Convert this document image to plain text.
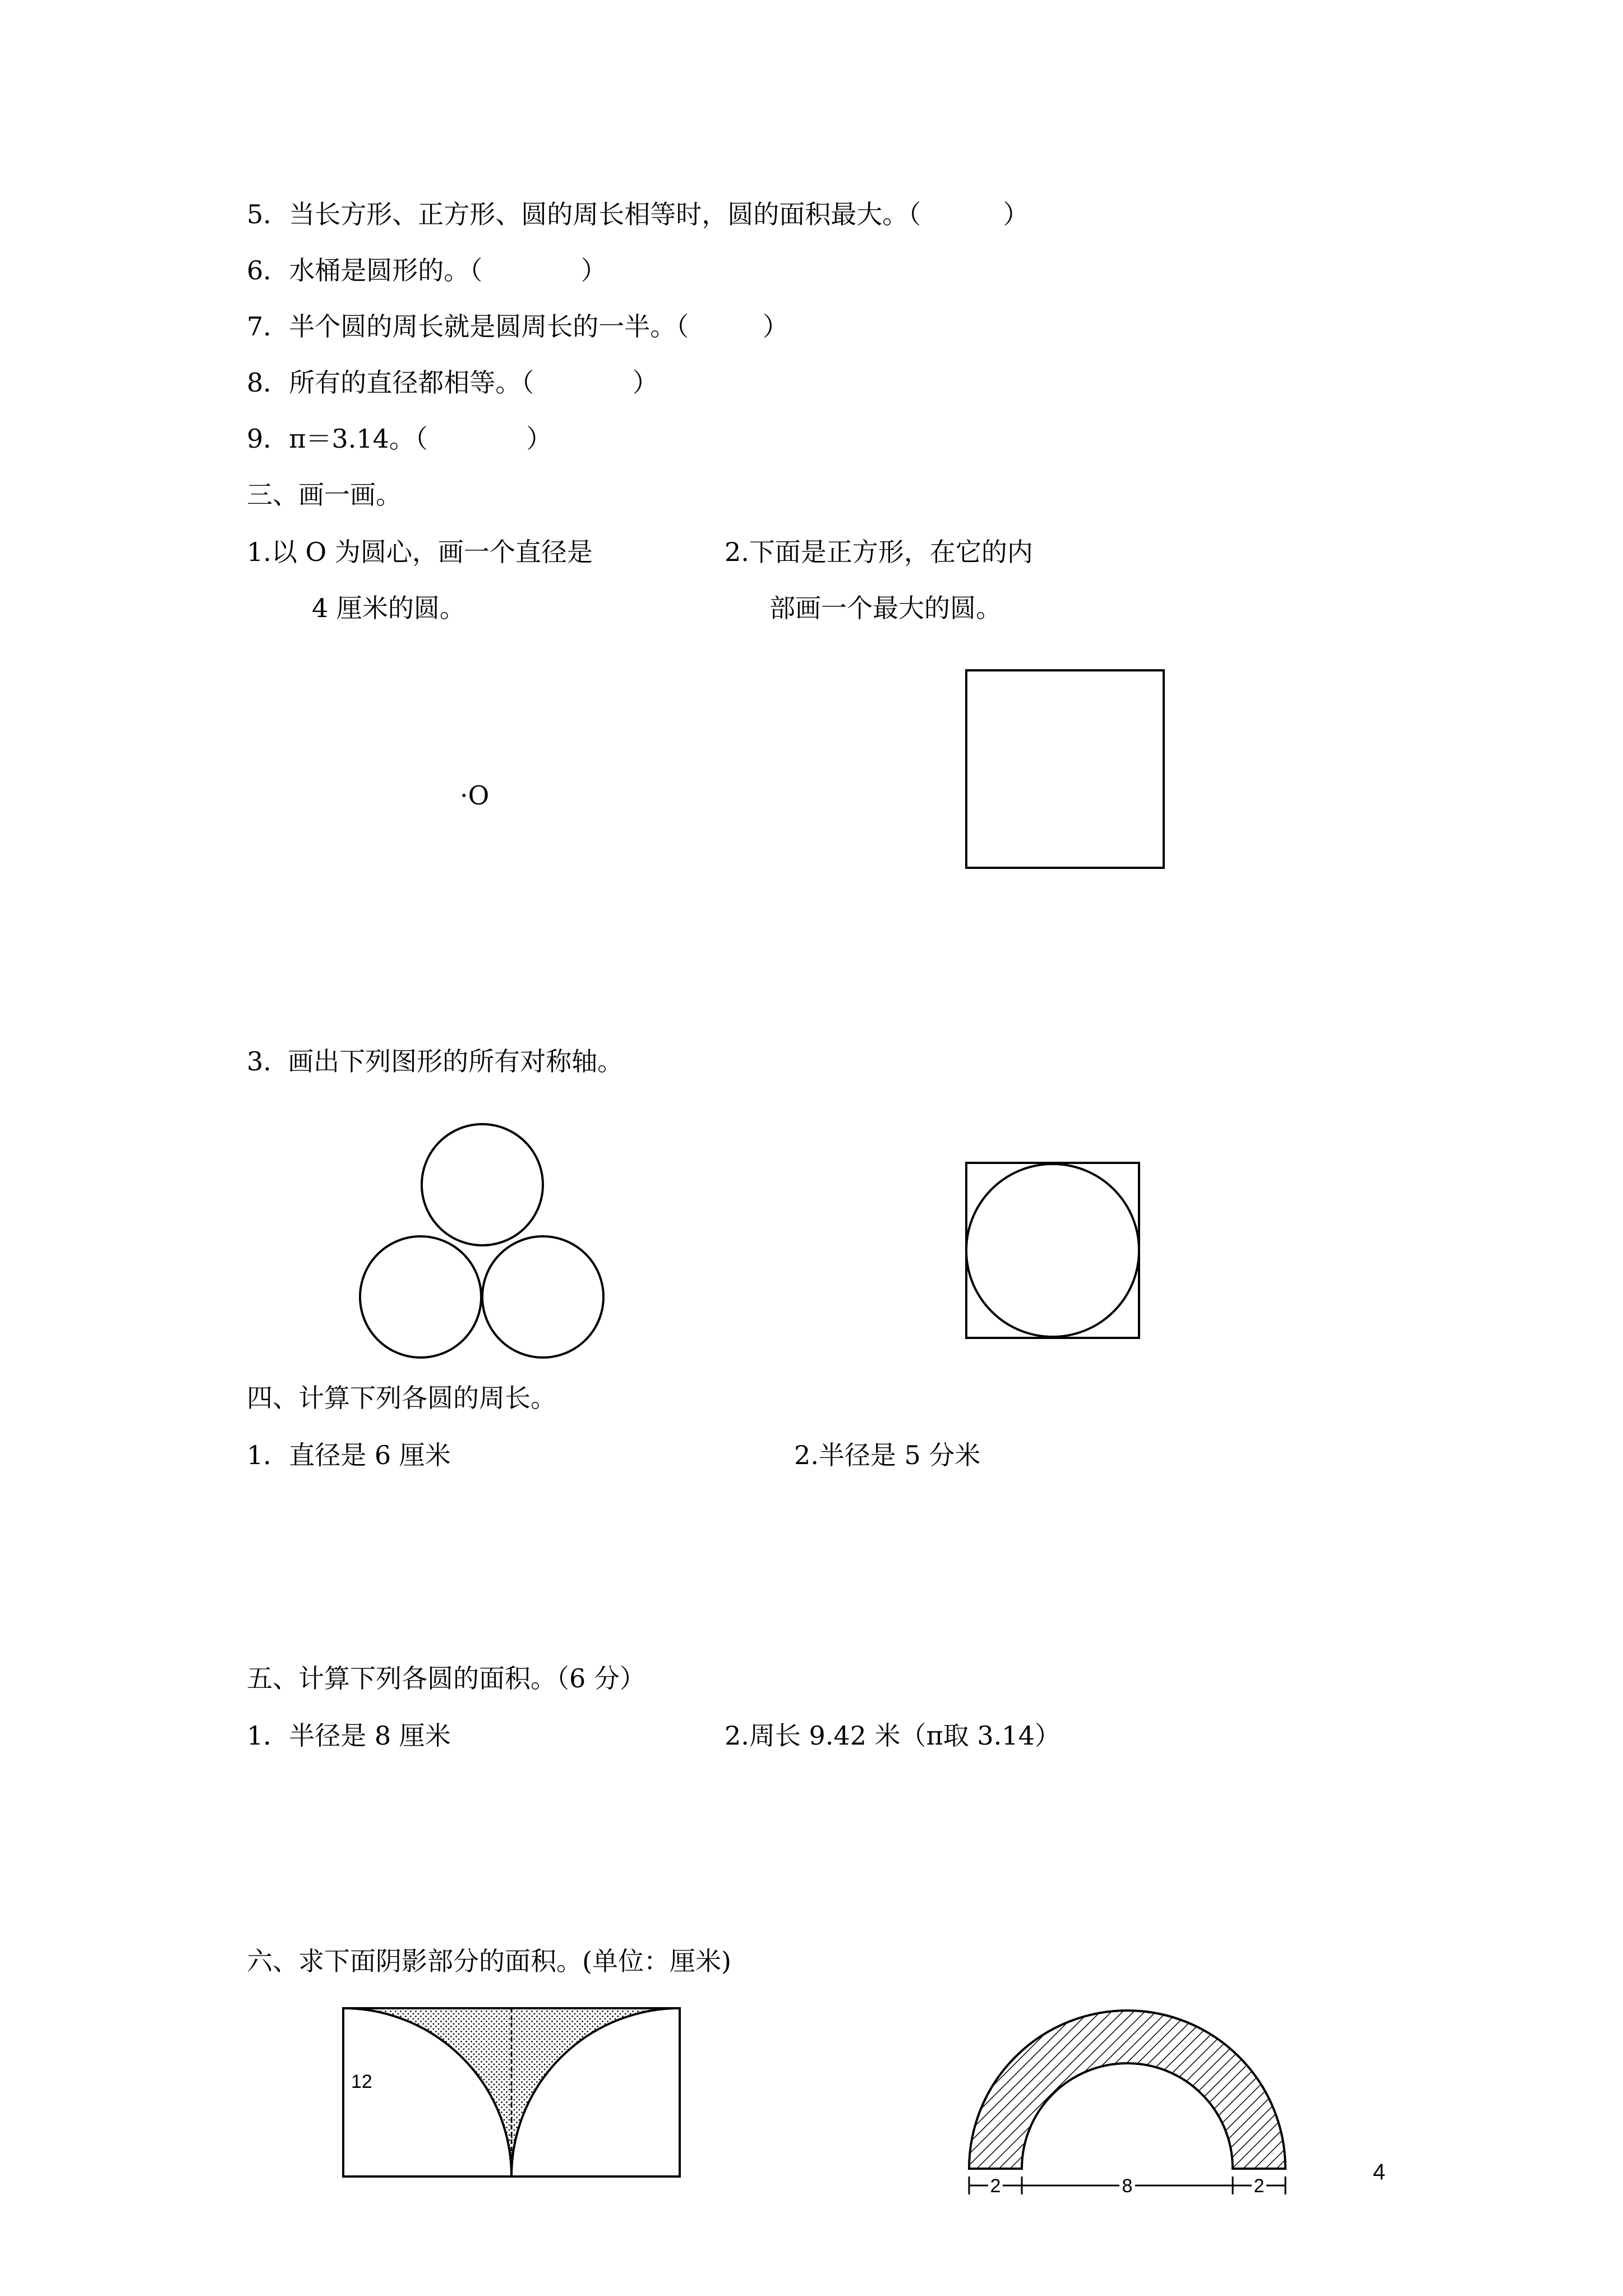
5．当长方形、正方形、圆的周长相等时，圆的面积最大。（          ）
6．水桶是圆形的。（            ）
7．半个圆的周长就是圆周长的一半。（         ）
8．所有的直径都相等。（            ）
9．π＝3.14。（            ）
三、画一画。
1.以 O 为圆心，画一个直径是
4 厘米的圆。
2.下面是正方形，在它的内
部画一个最大的圆。
·O
3.  画出下列图形的所有对称轴。
四、计算下列各圆的周长。
1．直径是 6 厘米	2.半径是 5 分米
五、计算下列各圆的面积。（6 分）
1．半径是 8 厘米	2.周长 9.42 米（π取 3.14）
六、求下面阴影部分的面积。(单位：厘米)
12
2	8	2
4
